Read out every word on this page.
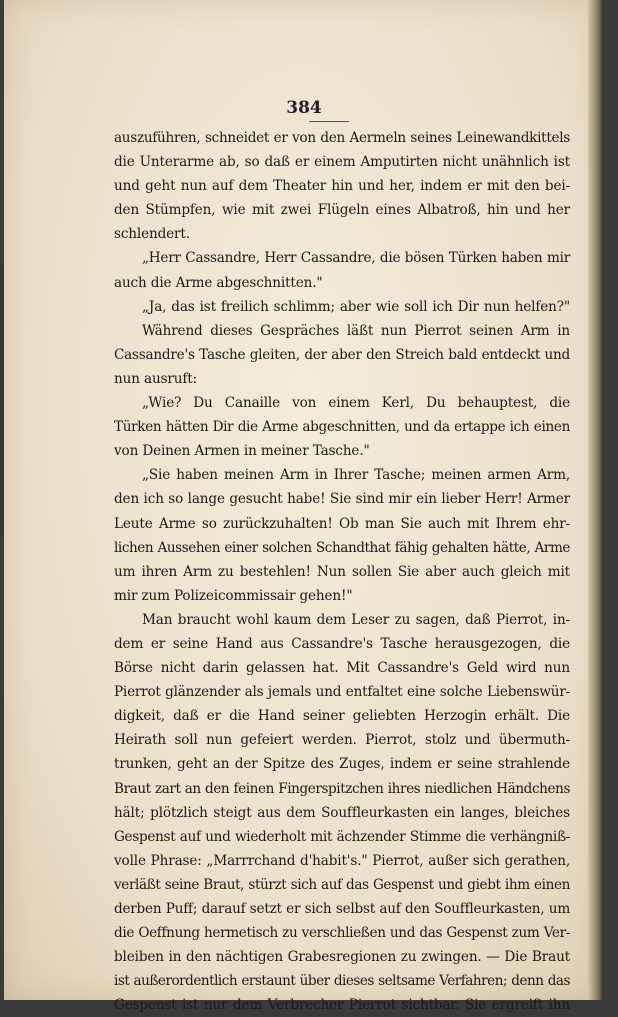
384
auszuführen, schneidet er von den Aermeln seines Leinewandkittels
die Unterarme ab, so daß er einem Amputirten nicht unähnlich ist
und geht nun auf dem Theater hin und her, indem er mit den bei-
den Stümpfen, wie mit zwei Flügeln eines Albatroß, hin und her
schlendert.
„Herr Cassandre, Herr Cassandre, die bösen Türken haben mir
auch die Arme abgeschnitten."
„Ja, das ist freilich schlimm; aber wie soll ich Dir nun helfen?"
Während dieses Gespräches läßt nun Pierrot seinen Arm in
Cassandre's Tasche gleiten, der aber den Streich bald entdeckt und
nun ausruft:
„Wie? Du Canaille von einem Kerl, Du behauptest, die
Türken hätten Dir die Arme abgeschnitten, und da ertappe ich einen
von Deinen Armen in meiner Tasche."
„Sie haben meinen Arm in Ihrer Tasche; meinen armen Arm,
den ich so lange gesucht habe! Sie sind mir ein lieber Herr! Armer
Leute Arme so zurückzuhalten! Ob man Sie auch mit Ihrem ehr-
lichen Aussehen einer solchen Schandthat fähig gehalten hätte, Arme
um ihren Arm zu bestehlen! Nun sollen Sie aber auch gleich mit
mir zum Polizeicommissair gehen!"
Man braucht wohl kaum dem Leser zu sagen, daß Pierrot, in-
dem er seine Hand aus Cassandre's Tasche herausgezogen, die
Börse nicht darin gelassen hat. Mit Cassandre's Geld wird nun
Pierrot glänzender als jemals und entfaltet eine solche Liebenswür-
digkeit, daß er die Hand seiner geliebten Herzogin erhält. Die
Heirath soll nun gefeiert werden. Pierrot, stolz und übermuth-
trunken, geht an der Spitze des Zuges, indem er seine strahlende
Braut zart an den feinen Fingerspitzchen ihres niedlichen Händchens
hält; plötzlich steigt aus dem Souffleurkasten ein langes, bleiches
Gespenst auf und wiederholt mit ächzender Stimme die verhängniß-
volle Phrase: „Marrrchand d'habit's." Pierrot, außer sich gerathen,
verläßt seine Braut, stürzt sich auf das Gespenst und giebt ihm einen
derben Puff; darauf setzt er sich selbst auf den Souffleurkasten, um
die Oeffnung hermetisch zu verschließen und das Gespenst zum Ver-
bleiben in den nächtigen Grabesregionen zu zwingen. — Die Braut
ist außerordentlich erstaunt über dieses seltsame Verfahren; denn das
Gespenst ist nur dem Verbrecher Pierrot sichtbar. Sie ergreift ihn
